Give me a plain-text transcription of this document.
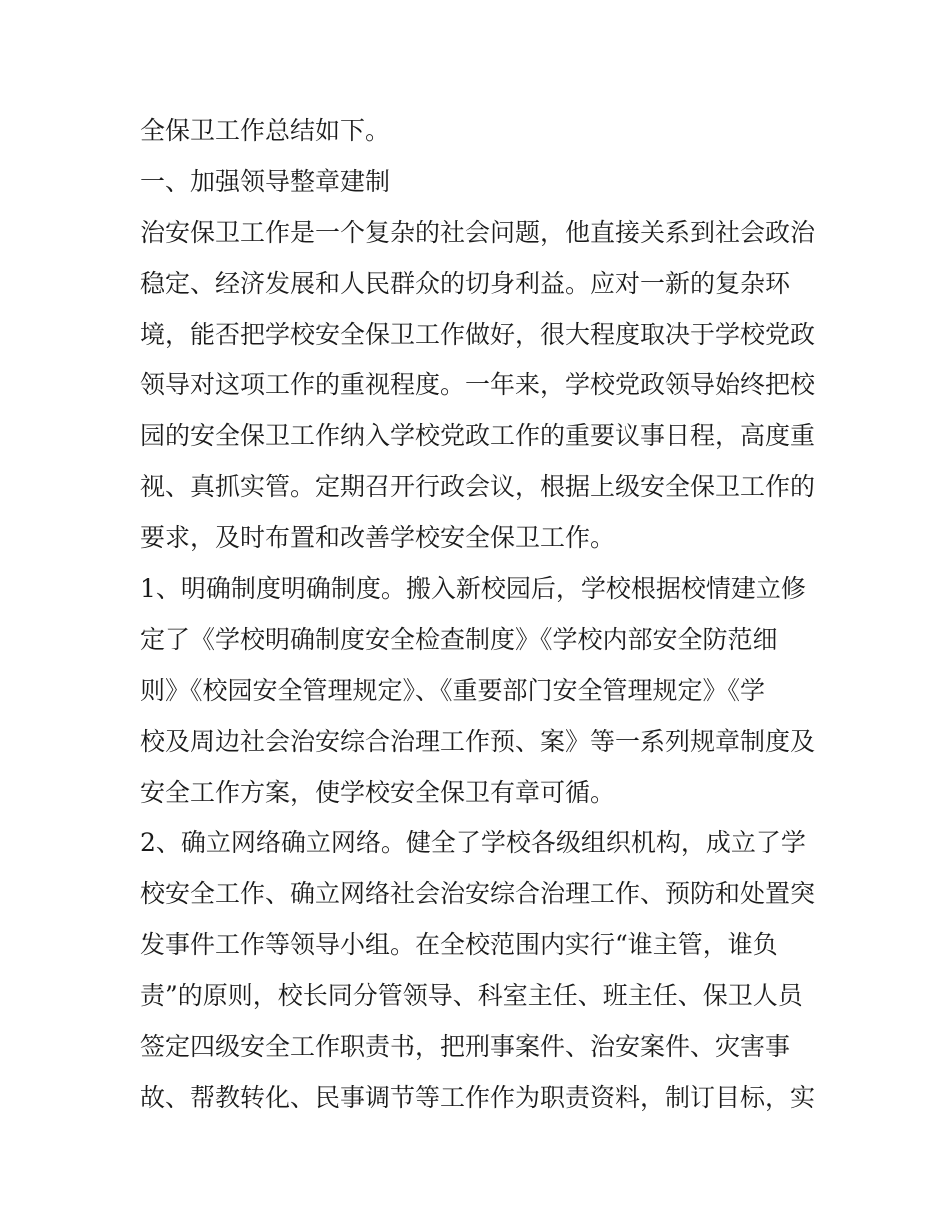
全保卫工作总结如下。
一、加强领导整章建制
治安保卫工作是一个复杂的社会问题，他直接关系到社会政治
稳定、经济发展和人民群众的切身利益。应对一新的复杂环
境，能否把学校安全保卫工作做好，很大程度取决于学校党政
领导对这项工作的重视程度。一年来，学校党政领导始终把校
园的安全保卫工作纳入学校党政工作的重要议事日程，高度重
视、真抓实管。定期召开行政会议，根据上级安全保卫工作的
要求，及时布置和改善学校安全保卫工作。
1、明确制度明确制度。搬入新校园后，学校根据校情建立修
定了《学校明确制度安全检查制度》《学校内部安全防范细
则》《校园安全管理规定》、《重要部门安全管理规定》《学
校及周边社会治安综合治理工作预、案》等一系列规章制度及
安全工作方案，使学校安全保卫有章可循。
2、确立网络确立网络。健全了学校各级组织机构，成立了学
校安全工作、确立网络社会治安综合治理工作、预防和处置突
发事件工作等领导小组。在全校范围内实行“谁主管，谁负
责”的原则，校长同分管领导、科室主任、班主任、保卫人员
签定四级安全工作职责书，把刑事案件、治安案件、灾害事
故、帮教转化、民事调节等工作作为职责资料，制订目标，实
